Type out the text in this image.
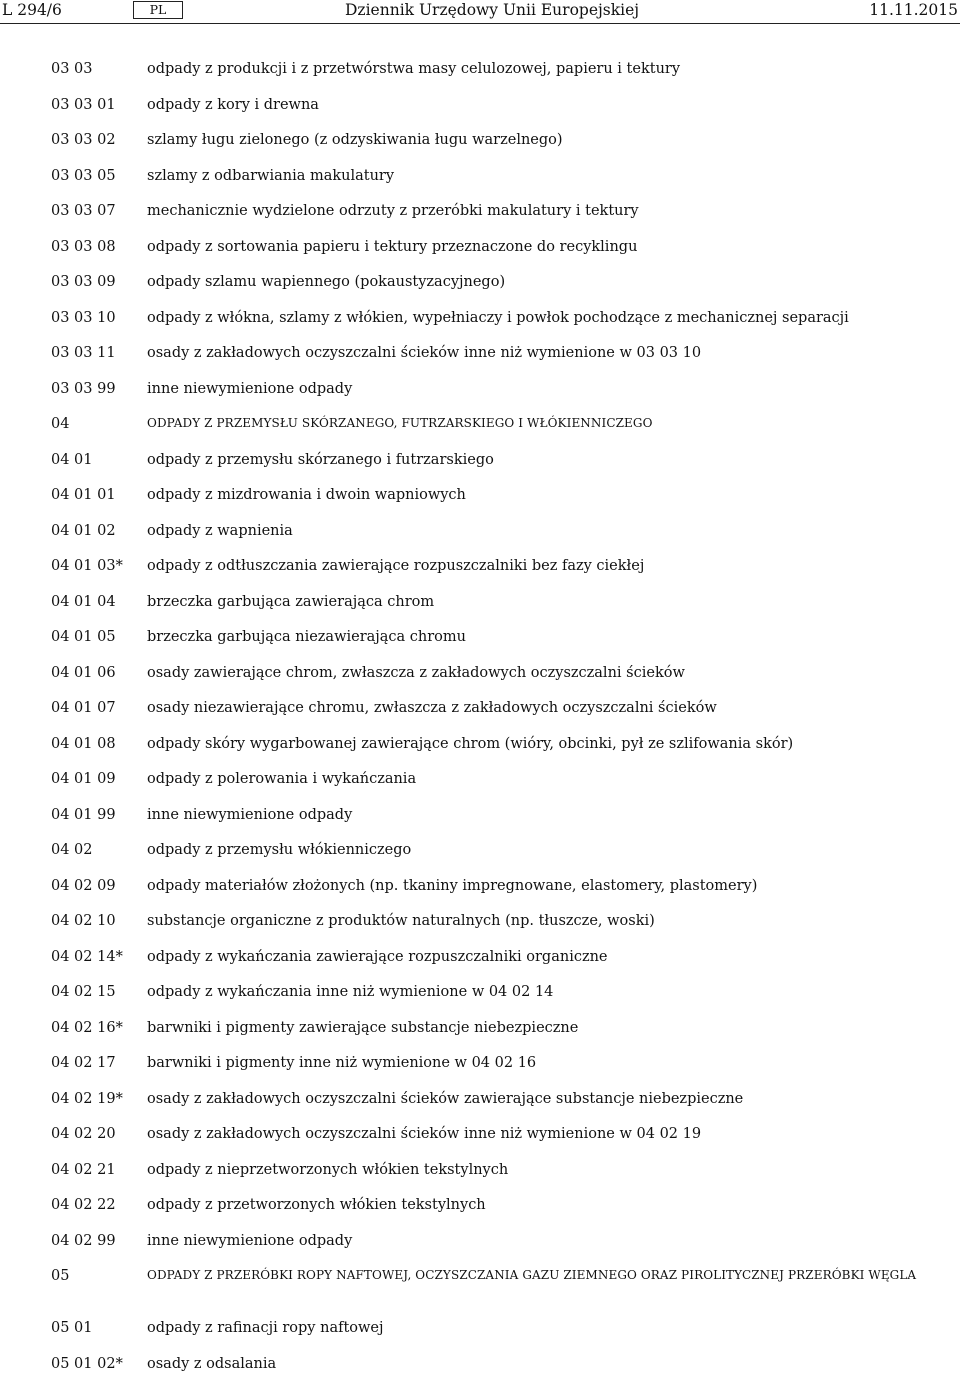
L 294/6	PL	Dziennik Urzędowy Unii Europejskiej	11.11.2015
03 03	odpady z produkcji i z przetwórstwa masy celulozowej, papieru i tektury
03 03 01	odpady z kory i drewna
03 03 02	szlamy ługu zielonego (z odzyskiwania ługu warzelnego)
03 03 05	szlamy z odbarwiania makulatury
03 03 07	mechanicznie wydzielone odrzuty z przeróbki makulatury i tektury
03 03 08	odpady z sortowania papieru i tektury przeznaczone do recyklingu
03 03 09	odpady szlamu wapiennego (pokaustyzacyjnego)
03 03 10	odpady z włókna, szlamy z włókien, wypełniaczy i powłok pochodzące z mechanicznej separacji
03 03 11	osady z zakładowych oczyszczalni ścieków inne niż wymienione w 03 03 10
03 03 99	inne niewymienione odpady
04	ODPADY Z PRZEMYSŁU SKÓRZANEGO, FUTRZARSKIEGO I WŁÓKIENNICZEGO
04 01	odpady z przemysłu skórzanego i futrzarskiego
04 01 01	odpady z mizdrowania i dwoin wapniowych
04 01 02	odpady z wapnienia
04 01 03*	odpady z odtłuszczania zawierające rozpuszczalniki bez fazy ciekłej
04 01 04	brzeczka garbująca zawierająca chrom
04 01 05	brzeczka garbująca niezawierająca chromu
04 01 06	osady zawierające chrom, zwłaszcza z zakładowych oczyszczalni ścieków
04 01 07	osady niezawierające chromu, zwłaszcza z zakładowych oczyszczalni ścieków
04 01 08	odpady skóry wygarbowanej zawierające chrom (wióry, obcinki, pył ze szlifowania skór)
04 01 09	odpady z polerowania i wykańczania
04 01 99	inne niewymienione odpady
04 02	odpady z przemysłu włókienniczego
04 02 09	odpady materiałów złożonych (np. tkaniny impregnowane, elastomery, plastomery)
04 02 10	substancje organiczne z produktów naturalnych (np. tłuszcze, woski)
04 02 14*	odpady z wykańczania zawierające rozpuszczalniki organiczne
04 02 15	odpady z wykańczania inne niż wymienione w 04 02 14
04 02 16*	barwniki i pigmenty zawierające substancje niebezpieczne
04 02 17	barwniki i pigmenty inne niż wymienione w 04 02 16
04 02 19*	osady z zakładowych oczyszczalni ścieków zawierające substancje niebezpieczne
04 02 20	osady z zakładowych oczyszczalni ścieków inne niż wymienione w 04 02 19
04 02 21	odpady z nieprzetworzonych włókien tekstylnych
04 02 22	odpady z przetworzonych włókien tekstylnych
04 02 99	inne niewymienione odpady
05	ODPADY Z PRZERÓBKI ROPY NAFTOWEJ, OCZYSZCZANIA GAZU ZIEMNEGO ORAZ PIROLITYCZNEJ PRZERÓBKI WĘGLA
05 01	odpady z rafinacji ropy naftowej
05 01 02*	osady z odsalania
